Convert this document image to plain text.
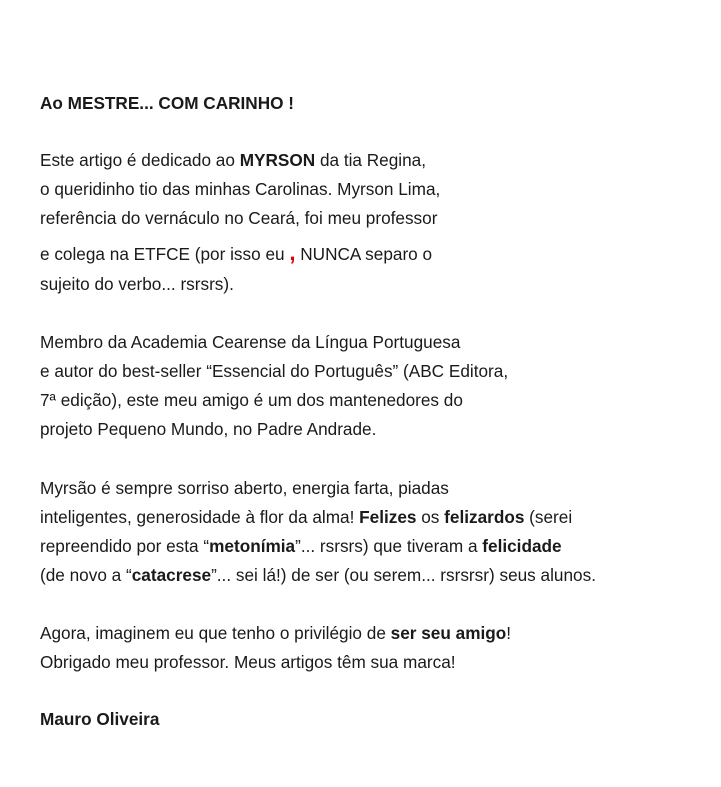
Ao MESTRE... COM CARINHO !
Este artigo é dedicado ao MYRSON da tia Regina,
o queridinho tio das minhas Carolinas. Myrson Lima,
referência do vernáculo no Ceará, foi meu professor
e colega na ETFCE (por isso eu , NUNCA separo o
sujeito do verbo... rsrsrs).
Membro da Academia Cearense da Língua Portuguesa
e autor do best-seller “Essencial do Português” (ABC Editora,
7ª edição), este meu amigo é um dos mantenedores do
projeto Pequeno Mundo, no Padre Andrade.
Myrsão é sempre sorriso aberto, energia farta, piadas
inteligentes, generosidade à flor da alma! Felizes os felizardos (serei
repreendido por esta “metonímia”... rsrsrs) que tiveram a felicidade
(de novo a “catacrese”... sei lá!) de ser (ou serem... rsrsrsr) seus alunos.
Agora, imaginem eu que tenho o privilégio de ser seu amigo!
Obrigado meu professor. Meus artigos têm sua marca!
Mauro Oliveira
